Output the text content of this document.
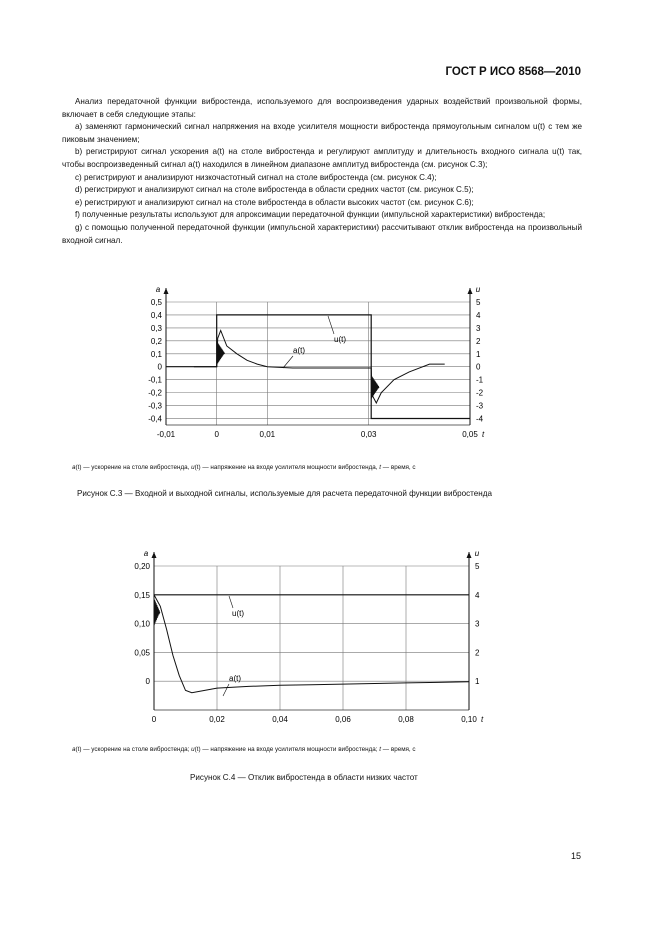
ГОСТ Р ИСО 8568—2010

Анализ передаточной функции вибростенда, используемого для воспроизведения ударных воздействий произвольной формы, включает в себя следующие этапы:

a) заменяют гармонический сигнал напряжения на входе усилителя мощности вибростенда прямоугольным сигналом u(t) с тем же пиковым значением;

b) регистрируют сигнал ускорения a(t) на столе вибростенда и регулируют амплитуду и длительность входного сигнала u(t) так, чтобы воспроизведенный сигнал a(t) находился в линейном диапазоне амплитуд вибростенда (см. рисунок С.3);

c) регистрируют и анализируют низкочастотный сигнал на столе вибростенда (см. рисунок С.4);

d) регистрируют и анализируют сигнал на столе вибростенда в области средних частот (см. рисунок С.5);

e) регистрируют и анализируют сигнал на столе вибростенда в области высоких частот (см. рисунок С.6);

f) полученные результаты используют для апроксимации передаточной функции (импульсной характеристики) вибростенда;

g) с помощью полученной передаточной функции (импульсной характеристики) рассчитывают отклик вибростенда на произвольный входной сигнал.

a	u
t
0,5
0,4
0,3
0,2
0,1
0
-0,1
-0,2
-0,3
-0,4
5
4
3
2
1
0
-1
-2
-3
-4
-0,01	0	0,01	0,03	0,05
u(t)
a(t)
a(t) — ускорение на столе вибростенда, u(t) — напряжение на входе усилителя мощности вибростенда, t — время, с
Рисунок С.3 — Входной и выходной сигналы, используемые для расчета передаточной функции вибростенда
a	u
t
0,20
0,15
0,10
0,05
0
5
4
3
2
1
0	0,02	0,04	0,06	0,08	0,10
u(t)
a(t)
a(t) — ускорение на столе вибростенда; u(t) — напряжение на входе усилителя мощности вибростенда; t — время, с
Рисунок С.4 — Отклик вибростенда в области низких частот
15
